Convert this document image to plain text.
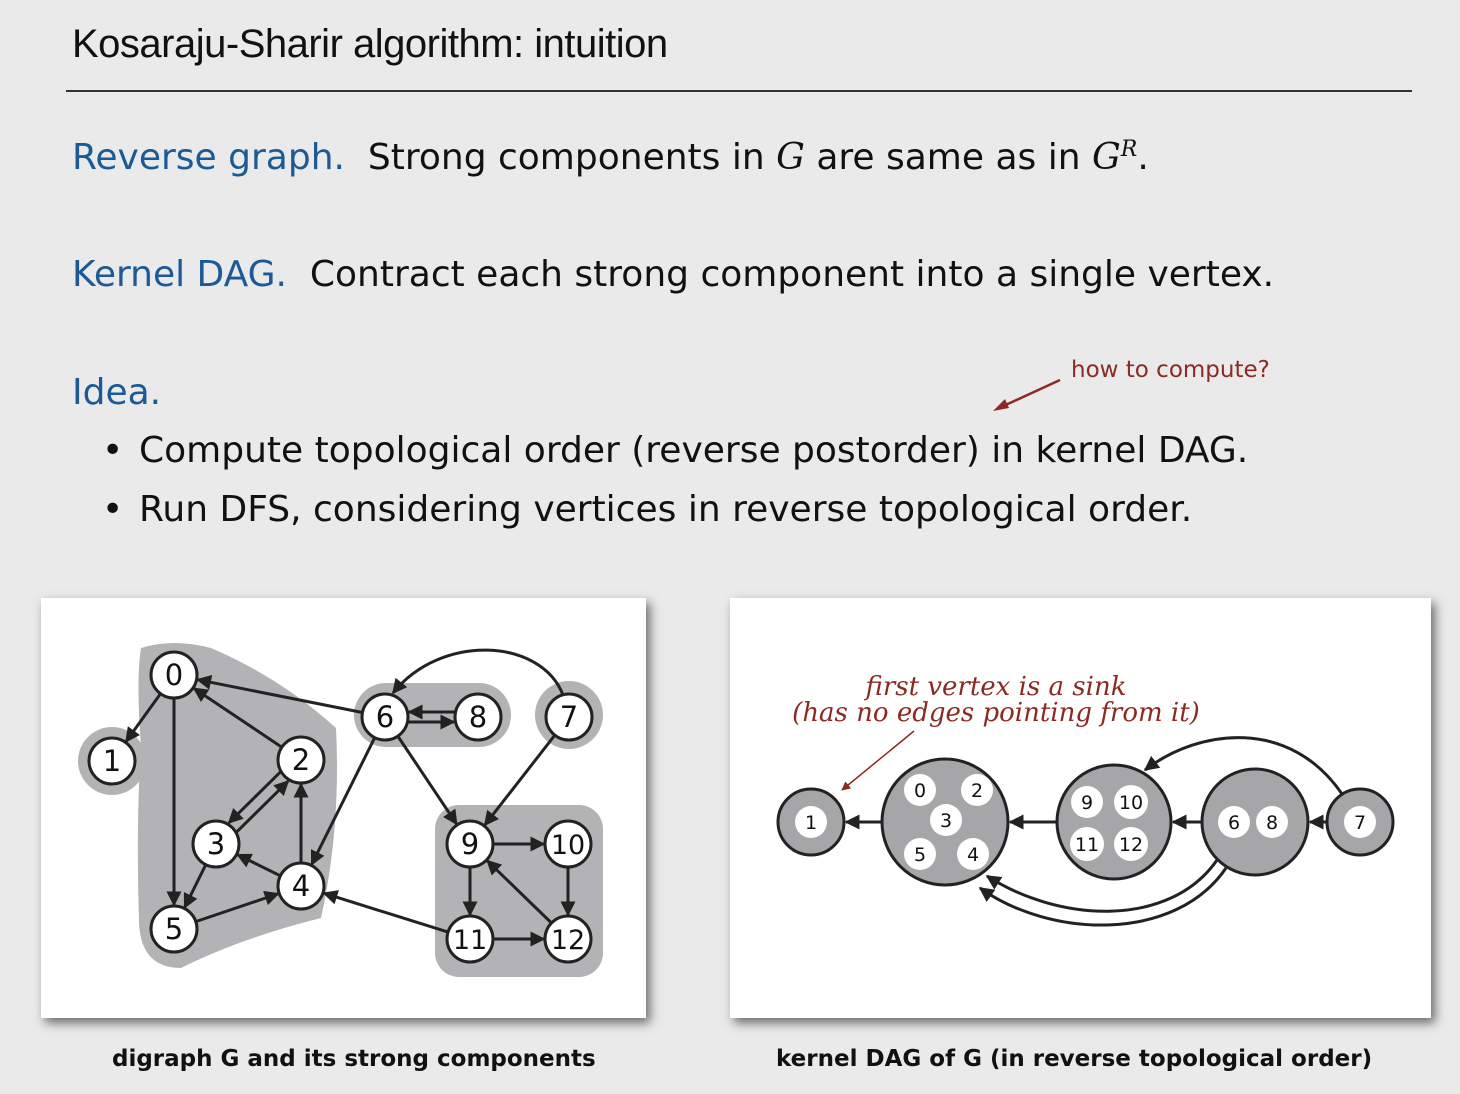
Kosaraju-Sharir algorithm: intuition
Reverse graph. Strong components in G are same as in $G^R$.
Kernel DAG. Contract each strong component into a single vertex.
Idea.
• Compute topological order (reverse postorder) in kernel DAG.
• Run DFS, considering vertices in reverse topological order.
how to compute?
0
1	2
3
4
5
6	7
8
9	10
11 12
first vertex is a sink
(has no edges pointing from it)
1
0 2
3
5 4
9 10
11 12
6 8	7
digraph G and its strong components	kernel DAG of G (in reverse topological order)
